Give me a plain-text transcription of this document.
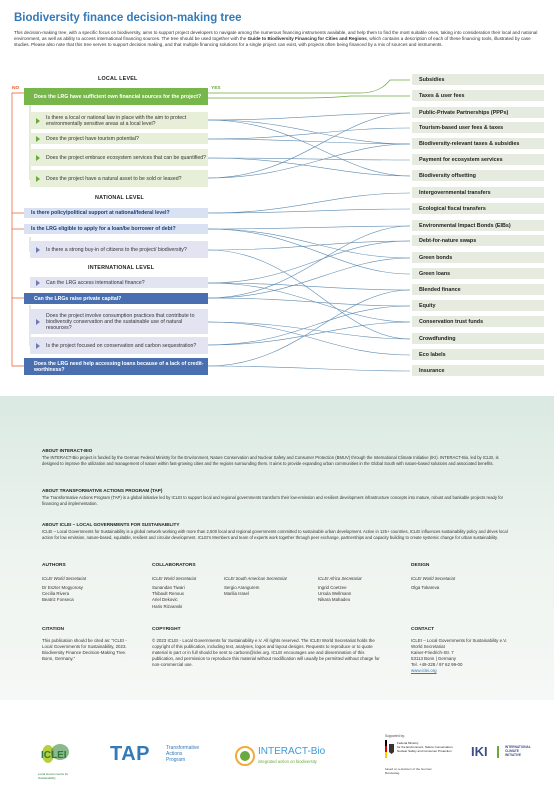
Biodiversity finance decision-making tree
This decision-making tree, with a specific focus on biodiversity, aims to support project developers to navigate among the numerous financing instruments available, and help them to find the most suitable ones, taking into consideration their local and national environment, as well as ability to access international financing sources. The tree should be used together with the Guide to Biodiversity Financing for Cities and Regions, which contains a description of each of these financing tools, illustrated by case studies. Please also note that this tree serves to support decision making, and that multiple financing solutions for a single project can exist, with projects often being financed by a mix of sources and instruments.
NO	YES
LOCAL LEVEL
NATIONAL LEVEL
INTERNATIONAL LEVEL
Does the LRG have sufficient own financial sources for the project?
Is there a local or national law in place with the aim to protect environmentally sensitive areas at a local level?
Does the project have tourism potential?
Does the project embrace ecosystem services that can be quantified?
Does the project have a natural asset to be sold or leased?
Is there policy/political support at national/federal level?
Is the LRG eligible to apply for a loan/be borrower of debt?
Is there a strong buy-in of citizens to the project/ biodiversity?
Can the LRG access international finance?
Can the LRGs raise private capital?
Does the project involve consumption practices that contribute to biodiversity conservation and the sustainable use of natural resources?
Is the project focused on conservation and carbon sequestration?
Does the LRG need help accessing loans because of a lack of credit-worthiness?
Subsidies
Taxes & user fees
Public-Private Partnerships (PPPs)
Tourism-based user fees & taxes
Biodiversity-relevant taxes & subsidies
Payment for ecosystem services
Biodiversity offsetting
Intergovernmental transfers
Ecological fiscal transfers
Environmental Impact Bonds (EIBs)
Debt-for-nature swaps
Green bonds
Green loans
Blended finance
Equity
Conservation trust funds
Crowdfunding
Eco labels
Insurance
ABOUT INTERACT-BIO

The INTERACT-Bio project is funded by the German Federal Ministry for the Environment, Nature Conservation and Nuclear Safety and Consumer Protection (BMUV) through the International Climate Initiative (IKI). INTERACT-Bio, led by ICLEI, is designed to improve the utilization and management of nature within fast-growing cities and the regions surrounding them. It aims to provide expanding urban communities in the Global South with nature-based solutions and associated benefits.

ABOUT TRANSFORMATIVE ACTIONS PROGRAM (TAP)

The Transformative Actions Program (TAP) is a global initiative led by ICLEI to support local and regional governments transform their low-emission and resilient development infrastructure concepts into mature, robust and bankable projects ready for financing and implementation.

ABOUT ICLEI – LOCAL GOVERNMENTS FOR SUSTAINABILITY

ICLEI – Local Governments for Sustainability is a global network working with more than 2,500 local and regional governments committed to sustainable urban development. Active in 125+ countries, ICLEI influences sustainability policy and drives local action for low emission, nature-based, equitable, resilient and circular development. ICLEI's Members and team of experts work together through peer exchange, partnerships and capacity building to create systemic change for urban sustainability.

AUTHORS
ICLEI World Secretariat
Dr Eszter Mogyorosy
Cecilia Rivera
Beatriz Fonseca
COLLABORATORS
ICLEI World Secretariat
Sunandan Tiwari
Thibault Renoux
Ariel Dekovic
Haris Rizvanski
ICLEI South American Secretariat
Sergio Arangurem
Marilia Israel
ICLEI Africa Secretariat
Ingrid Coetzee
Ursula Wellmann
Nikara Mahadeo
DESIGN
ICLEI World Secretariat
Olga Tokareva
CITATION
This publication should be cited as: "ICLEI - Local Governments for Sustainability, 2023. Biodiversity Finance Decision-Making Tree. Bonn, Germany."
COPYRIGHT
© 2023 ICLEI - Local Governments for Sustainability e.V. All rights reserved. The ICLEI World Secretariat holds the copyright of this publication, including text, analyses, logos and layout designs. Requests to reproduce or to quote material in part or in full should be sent to carbonn@iclei.org. ICLEI encourages use and dissemination of this publication, and permission to reproduce this material without modification will usually be permitted without charge for non-commercial use.
CONTACT
ICLEI – Local Governments for Sustainability e.V.
World Secretariat
Kaiser-Friedrich-Str. 7
53113 Bonn | Germany
Tel. +49-228 / 97 62 99-00
www.iclei.org
ICLEI
Local Governments for Sustainability
TAP	Transformative
Actions
Program
INTERACT-Bio
integrated action on biodiversity
Supported by:
Federal Ministry
for the Environment, Nature Conservation,
Nuclear Safety and Consumer Protection
based on a decision of the German Bundestag
IKI	INTERNATIONAL
CLIMATE
INITIATIVE
